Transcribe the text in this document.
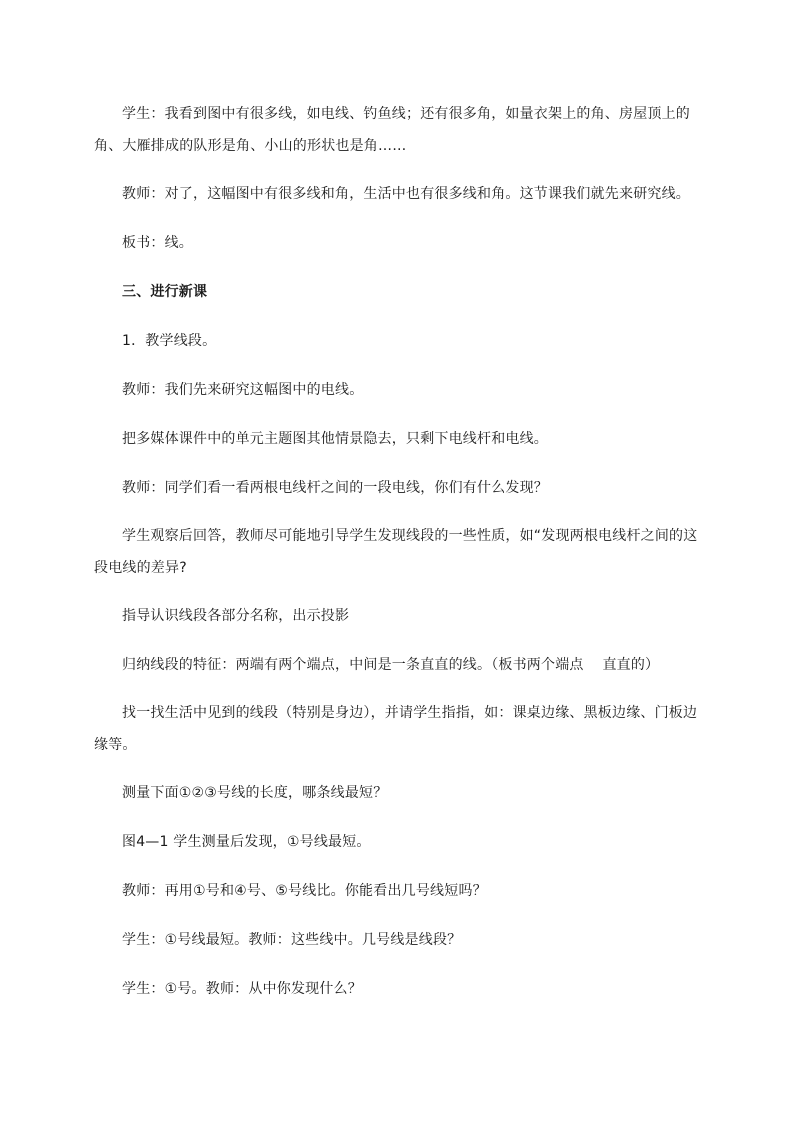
学生：我看到图中有很多线，如电线、钓鱼线；还有很多角，如量衣架上的角、房屋顶上的角、大雁排成的队形是角、小山的形状也是角……

教师：对了，这幅图中有很多线和角，生活中也有很多线和角。这节课我们就先来研究线。

板书：线。

三、进行新课

1．教学线段。

教师：我们先来研究这幅图中的电线。

把多媒体课件中的单元主题图其他情景隐去，只剩下电线杆和电线。

教师：同学们看一看两根电线杆之间的一段电线，你们有什么发现？

学生观察后回答，教师尽可能地引导学生发现线段的一些性质，如“发现两根电线杆之间的这段电线的差异?

指导认识线段各部分名称，出示投影

归纳线段的特征：两端有两个端点，中间是一条直直的线。（板书两个端点　 直直的）

找一找生活中见到的线段（特别是身边），并请学生指指，如：课桌边缘、黑板边缘、门板边缘等。

测量下面①②③号线的长度，哪条线最短？

图4—1 学生测量后发现，①号线最短。

教师：再用①号和④号、⑤号线比。你能看出几号线短吗？

学生：①号线最短。教师：这些线中。几号线是线段？

学生：①号。教师：从中你发现什么？
